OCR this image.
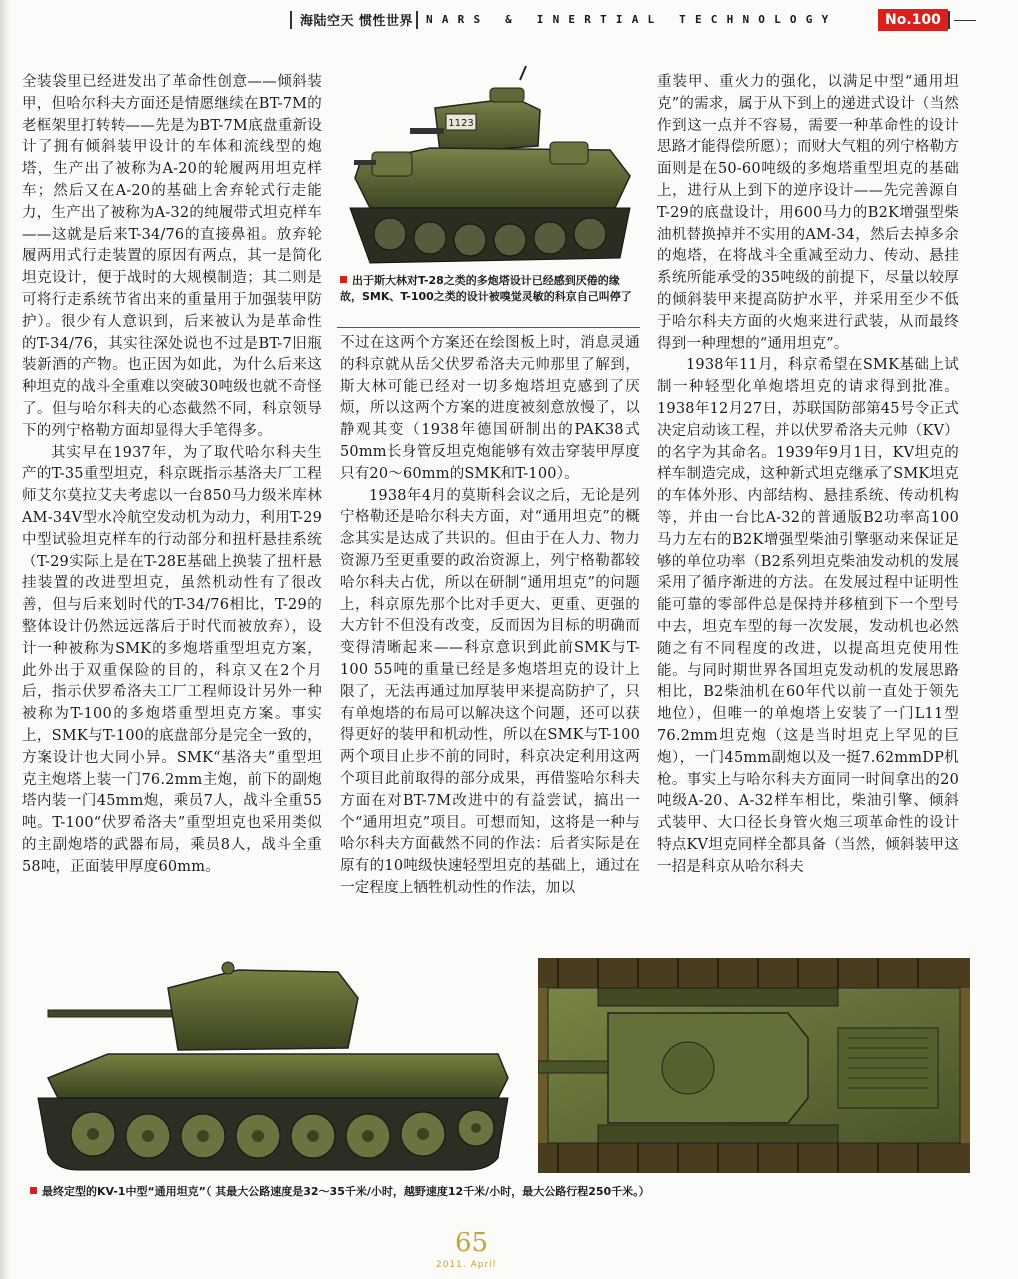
海陆空天 惯性世界 NARS & INERTIAL TECHNOLOGY	No.100

全装袋里已经进发出了革命性创意——倾斜装甲，但哈尔科夫方面还是情愿继续在BT-7M的老框架里打转转——先是为BT-7M底盘重新设计了拥有倾斜装甲设计的车体和流线型的炮塔，生产出了被称为A-20的轮履两用坦克样车；然后又在A-20的基础上舍弃轮式行走能力，生产出了被称为A-32的纯履带式坦克样车——这就是后来T-34/76的直接鼻祖。放弃轮履两用式行走装置的原因有两点，其一是简化坦克设计，便于战时的大规模制造；其二则是可将行走系统节省出来的重量用于加强装甲防护）。很少有人意识到，后来被认为是革命性的T-34/76，其实往深处说也不过是BT-7旧瓶装新酒的产物。也正因为如此，为什么后来这种坦克的战斗全重难以突破30吨级也就不奇怪了。但与哈尔科夫的心态截然不同，科京领导下的列宁格勒方面却显得大手笔得多。

其实早在1937年，为了取代哈尔科夫生产的T-35重型坦克，科京既指示基洛夫厂工程师艾尔莫拉艾夫考虑以一台850马力级米库林AM-34V型水冷航空发动机为动力，利用T-29中型试验坦克样车的行动部分和扭杆悬挂系统（T-29实际上是在T-28E基础上换装了扭杆悬挂装置的改进型坦克，虽然机动性有了很改善，但与后来划时代的T-34/76相比，T-29的整体设计仍然远远落后于时代而被放弃），设计一种被称为SMK的多炮塔重型坦克方案，此外出于双重保险的目的，科京又在2个月后，指示伏罗希洛夫工厂工程师设计另外一种被称为T-100的多炮塔重型坦克方案。事实上，SMK与T-100的底盘部分是完全一致的，方案设计也大同小异。SMK“基洛夫”重型坦克主炮塔上装一门76.2mm主炮，前下的副炮塔内装一门45mm炮，乘员7人，战斗全重55吨。T-100“伏罗希洛夫”重型坦克也采用类似的主副炮塔的武器布局，乘员8人，战斗全重58吨，正面装甲厚度60mm。

1123
出于斯大林对T-28之类的多炮塔设计已经感到厌倦的缘故，SMK、T-100之类的设计被嗅觉灵敏的科京自己叫停了

不过在这两个方案还在绘图板上时，消息灵通的科京就从岳父伏罗希洛夫元帅那里了解到，斯大林可能已经对一切多炮塔坦克感到了厌烦，所以这两个方案的进度被刻意放慢了，以静观其变（1938年德国研制出的PAK38式50mm长身管反坦克炮能够有效击穿装甲厚度只有20～60mm的SMK和T-100）。

1938年4月的莫斯科会议之后，无论是列宁格勒还是哈尔科夫方面，对“通用坦克”的概念其实是达成了共识的。但由于在人力、物力资源乃至更重要的政治资源上，列宁格勒都较哈尔科夫占优，所以在研制“通用坦克”的问题上，科京原先那个比对手更大、更重、更强的大方针不但没有改变，反而因为目标的明确而变得清晰起来——科京意识到此前SMK与T-100 55吨的重量已经是多炮塔坦克的设计上限了，无法再通过加厚装甲来提高防护了，只有单炮塔的布局可以解决这个问题，还可以获得更好的装甲和机动性，所以在SMK与T-100两个项目止步不前的同时，科京决定利用这两个项目此前取得的部分成果，再借鉴哈尔科夫方面在对BT-7M改进中的有益尝试，搞出一个“通用坦克”项目。可想而知，这将是一种与哈尔科夫方面截然不同的作法：后者实际是在原有的10吨级快速轻型坦克的基础上，通过在一定程度上牺牲机动性的作法，加以

重装甲、重火力的强化，以满足中型“通用坦克”的需求，属于从下到上的递进式设计（当然作到这一点并不容易，需要一种革命性的设计思路才能得偿所愿）；而财大气粗的列宁格勒方面则是在50-60吨级的多炮塔重型坦克的基础上，进行从上到下的逆序设计——先完善源自T-29的底盘设计，用600马力的B2K增强型柴油机替换掉并不实用的AM-34，然后去掉多余的炮塔，在将战斗全重减至动力、传动、悬挂系统所能承受的35吨级的前提下，尽量以较厚的倾斜装甲来提高防护水平，并采用至少不低于哈尔科夫方面的火炮来进行武装，从而最终得到一种理想的“通用坦克”。

1938年11月，科京希望在SMK基础上试制一种轻型化单炮塔坦克的请求得到批准。1938年12月27日，苏联国防部第45号令正式决定启动该工程，并以伏罗希洛夫元帅（KV）的名字为其命名。1939年9月1日，KV坦克的样车制造完成，这种新式坦克继承了SMK坦克的车体外形、内部结构、悬挂系统、传动机构等，并由一台比A-32的普通版B2功率高100马力左右的B2K增强型柴油引擎驱动来保证足够的单位功率（B2系列坦克柴油发动机的发展采用了循序渐进的方法。在发展过程中证明性能可靠的零部件总是保持并移植到下一个型号中去，坦克车型的每一次发展，发动机也必然随之有不同程度的改进，以提高坦克使用性能。与同时期世界各国坦克发动机的发展思路相比，B2柴油机在60年代以前一直处于领先地位），但唯一的单炮塔上安装了一门L11型76.2mm坦克炮（这是当时坦克上罕见的巨炮），一门45mm副炮以及一挺7.62mmDP机枪。事实上与哈尔科夫方面同一时间拿出的20吨级A-20、A-32样车相比，柴油引擎、倾斜式装甲、大口径长身管火炮三项革命性的设计特点KV坦克同样全都具备（当然，倾斜装甲这一招是科京从哈尔科夫

最终定型的KV-1中型“通用坦克”（ 其最大公路速度是32～35千米/小时，越野速度12千米/小时，最大公路行程250千米。）
65
2011. April
